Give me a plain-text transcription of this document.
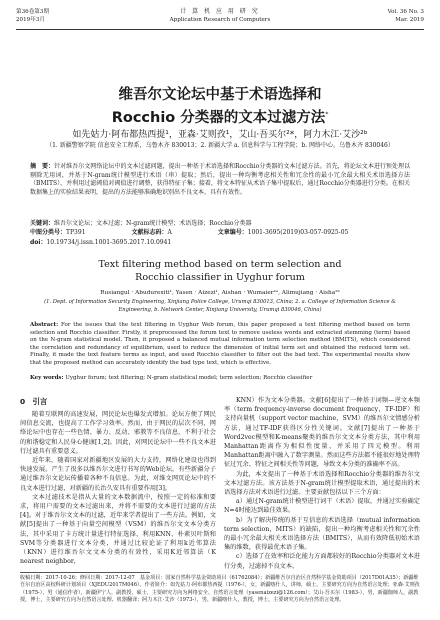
第36卷第3期
2019年3月
计 算 机 应 用 研 究
Application Research of Computers
Vol. 36 No. 3
Mar. 2019
维吾尔文论坛中基于术语选择和
Rocchio 分类器的文本过滤方法*
如先姑力·阿布都热西提¹，亚森·艾则孜¹，艾山·吾买尔²*，阿力木江·艾沙²ᵇ
（1. 新疆警察学院 信息安全工程系，乌鲁木齐 830013；2. 新疆大学 a. 信息科学与工程学院；b. 网络中心，乌鲁木齐 830046）
摘　要：针对维吾尔文网络论坛中的文本过滤问题，提出一种基于术语选择和Rocchio分类器的文本过滤方法。首先，将论坛文本进行预处理以剔除无用词，并基于N-gram统计模型进行术语（串）提取；然后，提出一种均衡考虑相关性和冗余性的最小冗余最大相关术语选择方法（BMITS），并利用过滤阈值对阈值进行调整，获得特征子集；接着，将文本特征从术语子集中提取后，通过Rocchio分类器进行分类。在相关数据集上的实验结果表明，提出的方法能够准确地识别出不良文本，具有有效性。
关键词：维吾尔文论坛；文本过滤；N-gram统计模型；术语选择；Rocchio分类器
中图分类号：TP391	文献标志码：A	文章编号：1001-3695(2019)03-057-0925-05
doi：10.19734/j.issn.1001-3695.2017.10.0941
Text filtering method based on term selection and
Rocchio classifier in Uyghur forum
Rusiangul · Abudurexiti¹, Yasen · Aizezi¹, Aishan · Wumaier²ᵃ, Alimujiang · Aisha²ᵇ
(1. Dept. of Information Security Engineering, Xinjiang Police College, Urumqi 830013, China; 2. a. College of Information Science & Engineering, b. Network Center, Xinjiang University, Urumqi 830046, China)
Abstract: For the issues that the text filtering in Uyghur Web forum, this paper proposed a text filtering method based on term selection and Rocchio classifier. Firstly, it preprocessed the forum text to remove useless words and extracted stemming (term) based on the N-gram statistical model. Then, it proposed a balanced mutual information term selection method (BMITS), which considered the correlation and redundancy of equilibrium, used to reduce the dimension of initial term set and obtained the reduced term set. Finally, it made the text feature terms as input, and used Rocchio classifier to filter out the bad text. The experimental results show that the proposed method can accurately identify the bad type text, which is effective.
Key words: Uyghur forum; text filtering; N-gram statistical model; term selection; Rocchio classifier
0　引言

随着互联网的高速发展，网民论坛也爆发式增加。论坛方便了网民间信息交流，也提高了工作学习效率。然而，由于网民的层次不同，网络论坛中也存在一些色情、暴力、反动、邪教等不良信息，不利于社会的和谐稳定和人民身心健康[1,2]。因此，对网民论坛中一些不良文本进行过滤具有重要意义。

近年来，随着国家对新疆地区发展的大力支持，网络化建设也得到快速发展。产生了很多以维吾尔文进行书写的Web论坛。有些新疆分子通过维吾尔文论坛传播着各种不良信息。为此，对维文网页论坛中的不良文本进行过滤，对新疆的长治久安具有重要作用[3]。

文本过滤技术是指从大量的文本数据流中，按照一定的标准和要求，将用户需要的文本过滤出来，并将不需要的文本进行过滤的方法[4]。对于维吾尔文文本的过滤，近年来学者提出了一些方法。例如，文献[5]提出了一种基于向量空间模型（VSM）的维吾尔文文本分类方法，其中采用了卡方统计量进行特征选择，利用KNN、朴素贝叶斯和SVM等分类器进行文本分类，并通过比较论证了利用k近邻算法（KNN）进行维吾尔文文本分类的有效性，采用K近邻算法（K nearest neighbor，

KNN）作为文本分类器。文献[6]提出了一种基于词频—逆文本频率（term frequency-inverse document frequency，TF-IDF）和支持向量机（support vector machine，SVM）的维吾尔文情感分析方法，通过TF-IDF获得区分性关键词。文献[7]提出了一种基于Word2vec模型和K-means聚类的维吾尔文文本分类方法，其中利用Manhattan距离作为相似性度量，并采用了四元模型。利用Manhattan距离中融入了数字测量。然而这些方法都不能很好地处理特征过冗余、特征之间相关性等问题，导致文本分类的准确率不高。

为此，本文提出了一种基于术语选择和Rocchio分类器的维吾尔文文本过滤方法。该方法基于N-gram统计模型提取术语，通过提出的术语选择方法对术语进行过滤。主要贡献包括以下三个方面：

a）通过N-gram统计模型进行词干（术语）提取，并通过实验确定N=4时能达到最佳效果。

b）为了解决传统的基于互信息的术语选择（mutual information term selection，MITS）的缺陷，提出一种均衡考虑相关性和冗余性的最小冗余最大相关术语选择方法（BMITS），从而有效降低初始术语集的维数，获得最优术语子集。

c）选择了在效率和泛化能力方面都较好的Rocchio分类器对文本进行分类，过滤掉不良文本。

收稿日期：2017-10-26；修回日期：2017-12-07　基金项目：国家自然科学基金资助项目（61762084）；新疆维吾尔自治区自然科学基金资助项目（2017D01A35）；新疆维吾尔自治区高校科研计划项目（XJEDU2017M046）。作者简介：如先姑力·阿布都热西提（1976-），女，新疆喀什人，讲师，硕士，主要研究方向为自然语言处理；亚森·艾则孜（1975-），男（通信作者），新疆伊宁人，副教授，硕士，主要研究方向为网络安全、自然语言处理（yasenaizezi@126.com）；艾山·吾买尔（1983-），男，新疆伽师人，副教授，博士，主要研究方向为自然语言处理、机器翻译；阿力木江·艾沙（1973-），男，新疆喀什人，教授，博士，主要研究方向为自然语言处理。
